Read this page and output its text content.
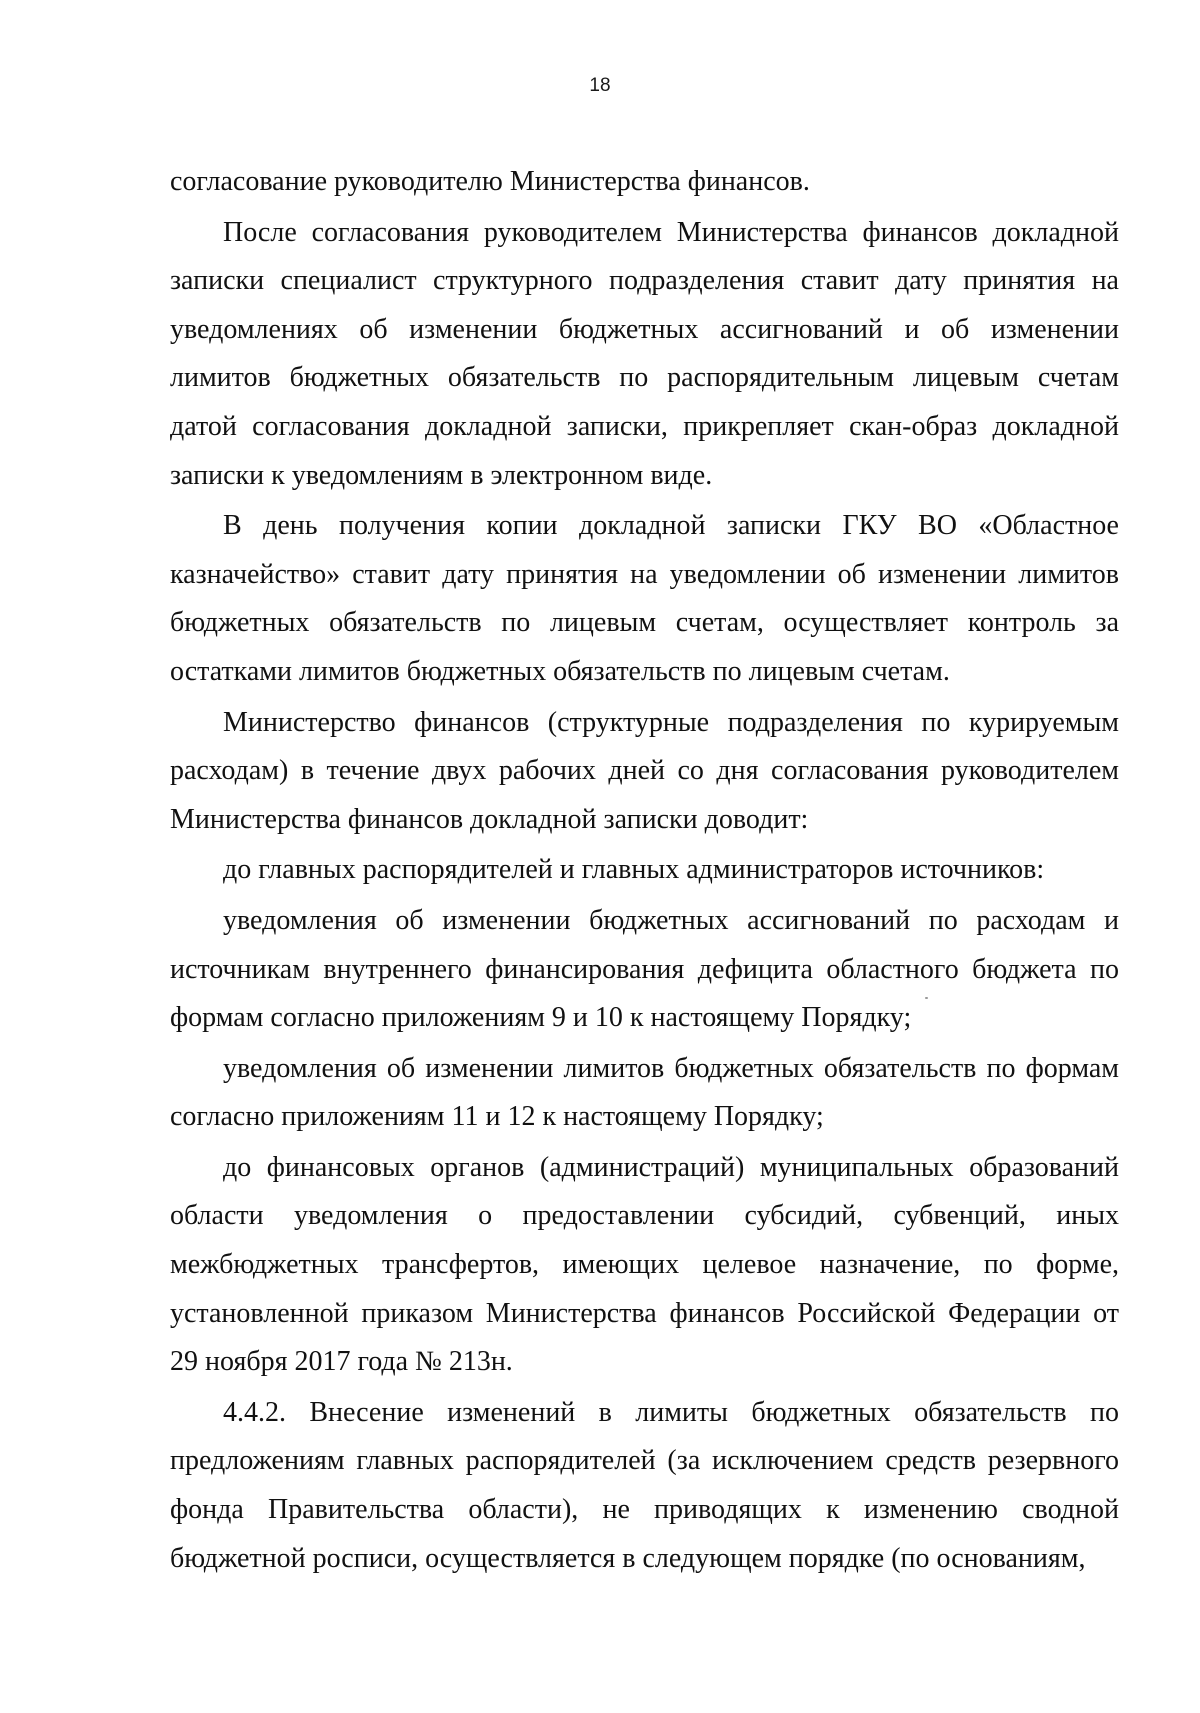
18

согласование руководителю Министерства финансов.

После согласования руководителем Министерства финансов докладной записки специалист структурного подразделения ставит дату принятия на уведомлениях об изменении бюджетных ассигнований и об изменении лимитов бюджетных обязательств по распорядительным лицевым счетам датой согласования докладной записки, прикрепляет скан-образ докладной записки к уведомлениям в электронном виде.

В день получения копии докладной записки ГКУ ВО «Областное казначейство» ставит дату принятия на уведомлении об изменении лимитов бюджетных обязательств по лицевым счетам, осуществляет контроль за остатками лимитов бюджетных обязательств по лицевым счетам.

Министерство финансов (структурные подразделения по курируемым расходам) в течение двух рабочих дней со дня согласования руководителем Министерства финансов докладной записки доводит:

до главных распорядителей и главных администраторов источников:

уведомления об изменении бюджетных ассигнований по расходам и источникам внутреннего финансирования дефицита областного бюджета по формам согласно приложениям 9 и 10 к настоящему Порядку;

уведомления об изменении лимитов бюджетных обязательств по формам согласно приложениям 11 и 12 к настоящему Порядку;

до финансовых органов (администраций) муниципальных образований области уведомления о предоставлении субсидий, субвенций, иных межбюджетных трансфертов, имеющих целевое назначение, по форме, установленной приказом Министерства финансов Российской Федерации от 29 ноября 2017 года № 213н.

4.4.2. Внесение изменений в лимиты бюджетных обязательств по предложениям главных распорядителей (за исключением средств резервного фонда Правительства области), не приводящих к изменению сводной бюджетной росписи, осуществляется в следующем порядке (по основаниям,
